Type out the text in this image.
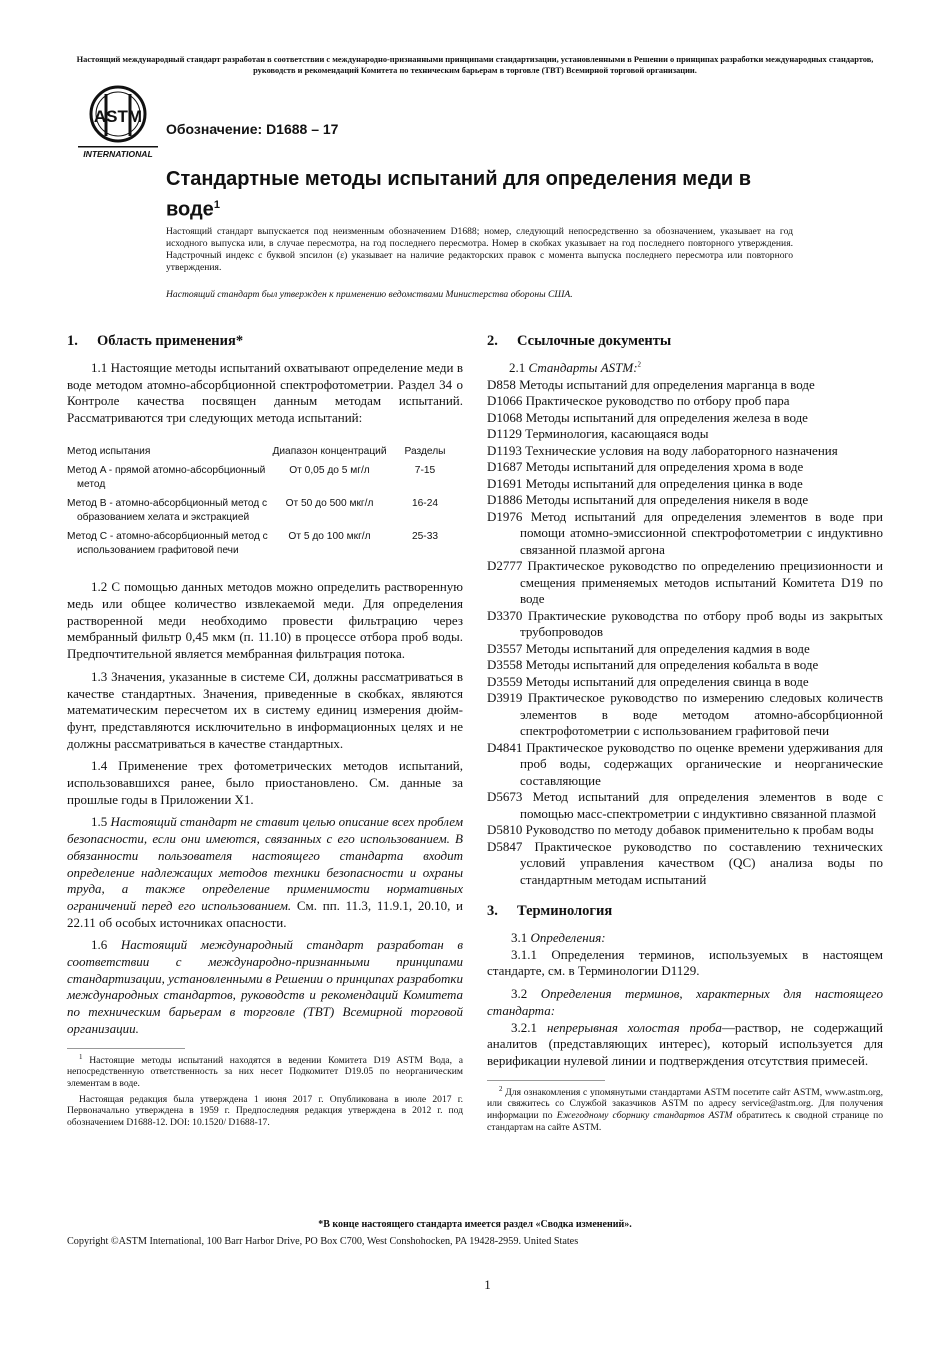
Настоящий международный стандарт разработан в соответствии с международно-признанными принципами стандартизации, установленными в Решении о принципах разработки международных стандартов, руководств и рекомендаций Комитета по техническим барьерам в торговле (TBT) Всемирной торговой организации.
ASTM
INTERNATIONAL
Обозначение: D1688 – 17
Стандартные методы испытаний для определения меди в воде$^1$
Настоящий стандарт выпускается под неизменным обозначением D1688; номер, следующий непосредственно за обозначением, указывает на год исходного выпуска или, в случае пересмотра, на год последнего пересмотра. Номер в скобках указывает на год последнего повторного утверждения. Надстрочный индекс с буквой эпсилон (ε) указывает на наличие редакторских правок с момента выпуска последнего пересмотра или повторного утверждения.
Настоящий стандарт был утвержден к применению ведомствами Министерства обороны США.
1. Область применения*

1.1 Настоящие методы испытаний охватывают определение меди в воде методом атомно-абсорбционной спектрофотометрии. Раздел 34 о Контроле качества посвящен данным методам испытаний. Рассматриваются три следующих метода испытаний:

Метод испытания	Диапазон концентраций	Разделы

Метод A - прямой атомно-абсорбционный метод	От 0,05 до 5 мг/л	7-15

Метод B - атомно-абсорбционный метод с образованием хелата и экстракцией	От 50 до 500 мкг/л	16-24

Метод C - атомно-абсорбционный метод с использованием графитовой печи	От 5 до 100 мкг/л	25-33

1.2 С помощью данных методов можно определить растворенную медь или общее количество извлекаемой меди. Для определения растворенной меди необходимо провести фильтрацию через мембранный фильтр 0,45 мкм (п. 11.10) в процессе отбора проб воды. Предпочтительной является мембранная фильтрация потока.

1.3 Значения, указанные в системе СИ, должны рассматриваться в качестве стандартных. Значения, приведенные в скобках, являются математическим пересчетом их в систему единиц измерения дюйм-фунт, представляются исключительно в информационных целях и не должны рассматриваться в качестве стандартных.

1.4 Применение трех фотометрических методов испытаний, использовавшихся ранее, было приостановлено. См. данные за прошлые годы в Приложении X1.

1.5 Настоящий стандарт не ставит целью описание всех проблем безопасности, если они имеются, связанных с его использованием. В обязанности пользователя настоящего стандарта входит определение надлежащих методов техники безопасности и охраны труда, а также определение применимости нормативных ограничений перед его использованием. См. пп. 11.3, 11.9.1, 20.10, и 22.11 об особых источниках опасности.

1.6 Настоящий международный стандарт разработан в соответствии с международно-признанными принципами стандартизации, установленными в Решении о принципах разработки международных стандартов, руководств и рекомендаций Комитета по техническим барьерам в торговле (TBT) Всемирной торговой организации.

$^1$ Настоящие методы испытаний находятся в ведении Комитета D19 ASTM Вода, а непосредственную ответственность за них несет Подкомитет D19.05 по неорганическим элементам в воде.
Настоящая редакция была утверждена 1 июня 2017 г. Опубликована в июле 2017 г. Первоначально утверждена в 1959 г. Предпоследняя редакция утверждена в 2012 г. под обозначением D1688-12. DOI: 10.1520/ D1688-17.
2. Ссылочные документы
2.1 Стандарты ASTM:$^2$
D858 Методы испытаний для определения марганца в воде
D1066 Практическое руководство по отбору проб пара
D1068 Методы испытаний для определения железа в воде
D1129 Терминология, касающаяся воды
D1193 Технические условия на воду лабораторного назначения
D1687 Методы испытаний для определения хрома в воде
D1691 Методы испытаний для определения цинка в воде
D1886 Методы испытаний для определения никеля в воде
D1976 Метод испытаний для определения элементов в воде при помощи атомно-эмиссионной спектрофотометрии с индуктивно связанной плазмой аргона
D2777 Практическое руководство по определению прецизионности и смещения применяемых методов испытаний Комитета D19 по воде
D3370 Практические руководства по отбору проб воды из закрытых трубопроводов
D3557 Методы испытаний для определения кадмия в воде
D3558 Методы испытаний для определения кобальта в воде
D3559 Методы испытаний для определения свинца в воде
D3919 Практическое руководство по измерению следовых количеств элементов в воде методом атомно-абсорбционной спектрофотометрии с использованием графитовой печи
D4841 Практическое руководство по оценке времени удерживания для проб воды, содержащих органические и неорганические составляющие
D5673 Метод испытаний для определения элементов в воде с помощью масс-спектрометрии с индуктивно связанной плазмой
D5810 Руководство по методу добавок применительно к пробам воды
D5847 Практическое руководство по составлению технических условий управления качеством (QC) анализа воды по стандартным методам испытаний
3. Терминология

3.1 Определения:

3.1.1 Определения терминов, используемых в настоящем стандарте, см. в Терминологии D1129.

3.2 Определения терминов, характерных для настоящего стандарта:

3.2.1 непрерывная холостая проба—раствор, не содержащий аналитов (представляющих интерес), который используется для верификации нулевой линии и подтверждения отсутствия примесей.

$^2$ Для ознакомления с упомянутыми стандартами ASTM посетите сайт ASTM, www.astm.org, или свяжитесь со Службой заказчиков ASTM по адресу service@astm.org. Для получения информации по Ежегодному сборнику стандартов ASTM обратитесь к сводной странице по стандартам на сайте ASTM.
*В конце настоящего стандарта имеется раздел «Сводка изменений».
Copyright ©ASTM International, 100 Barr Harbor Drive, PO Box C700, West Conshohocken, PA 19428-2959. United States
1
